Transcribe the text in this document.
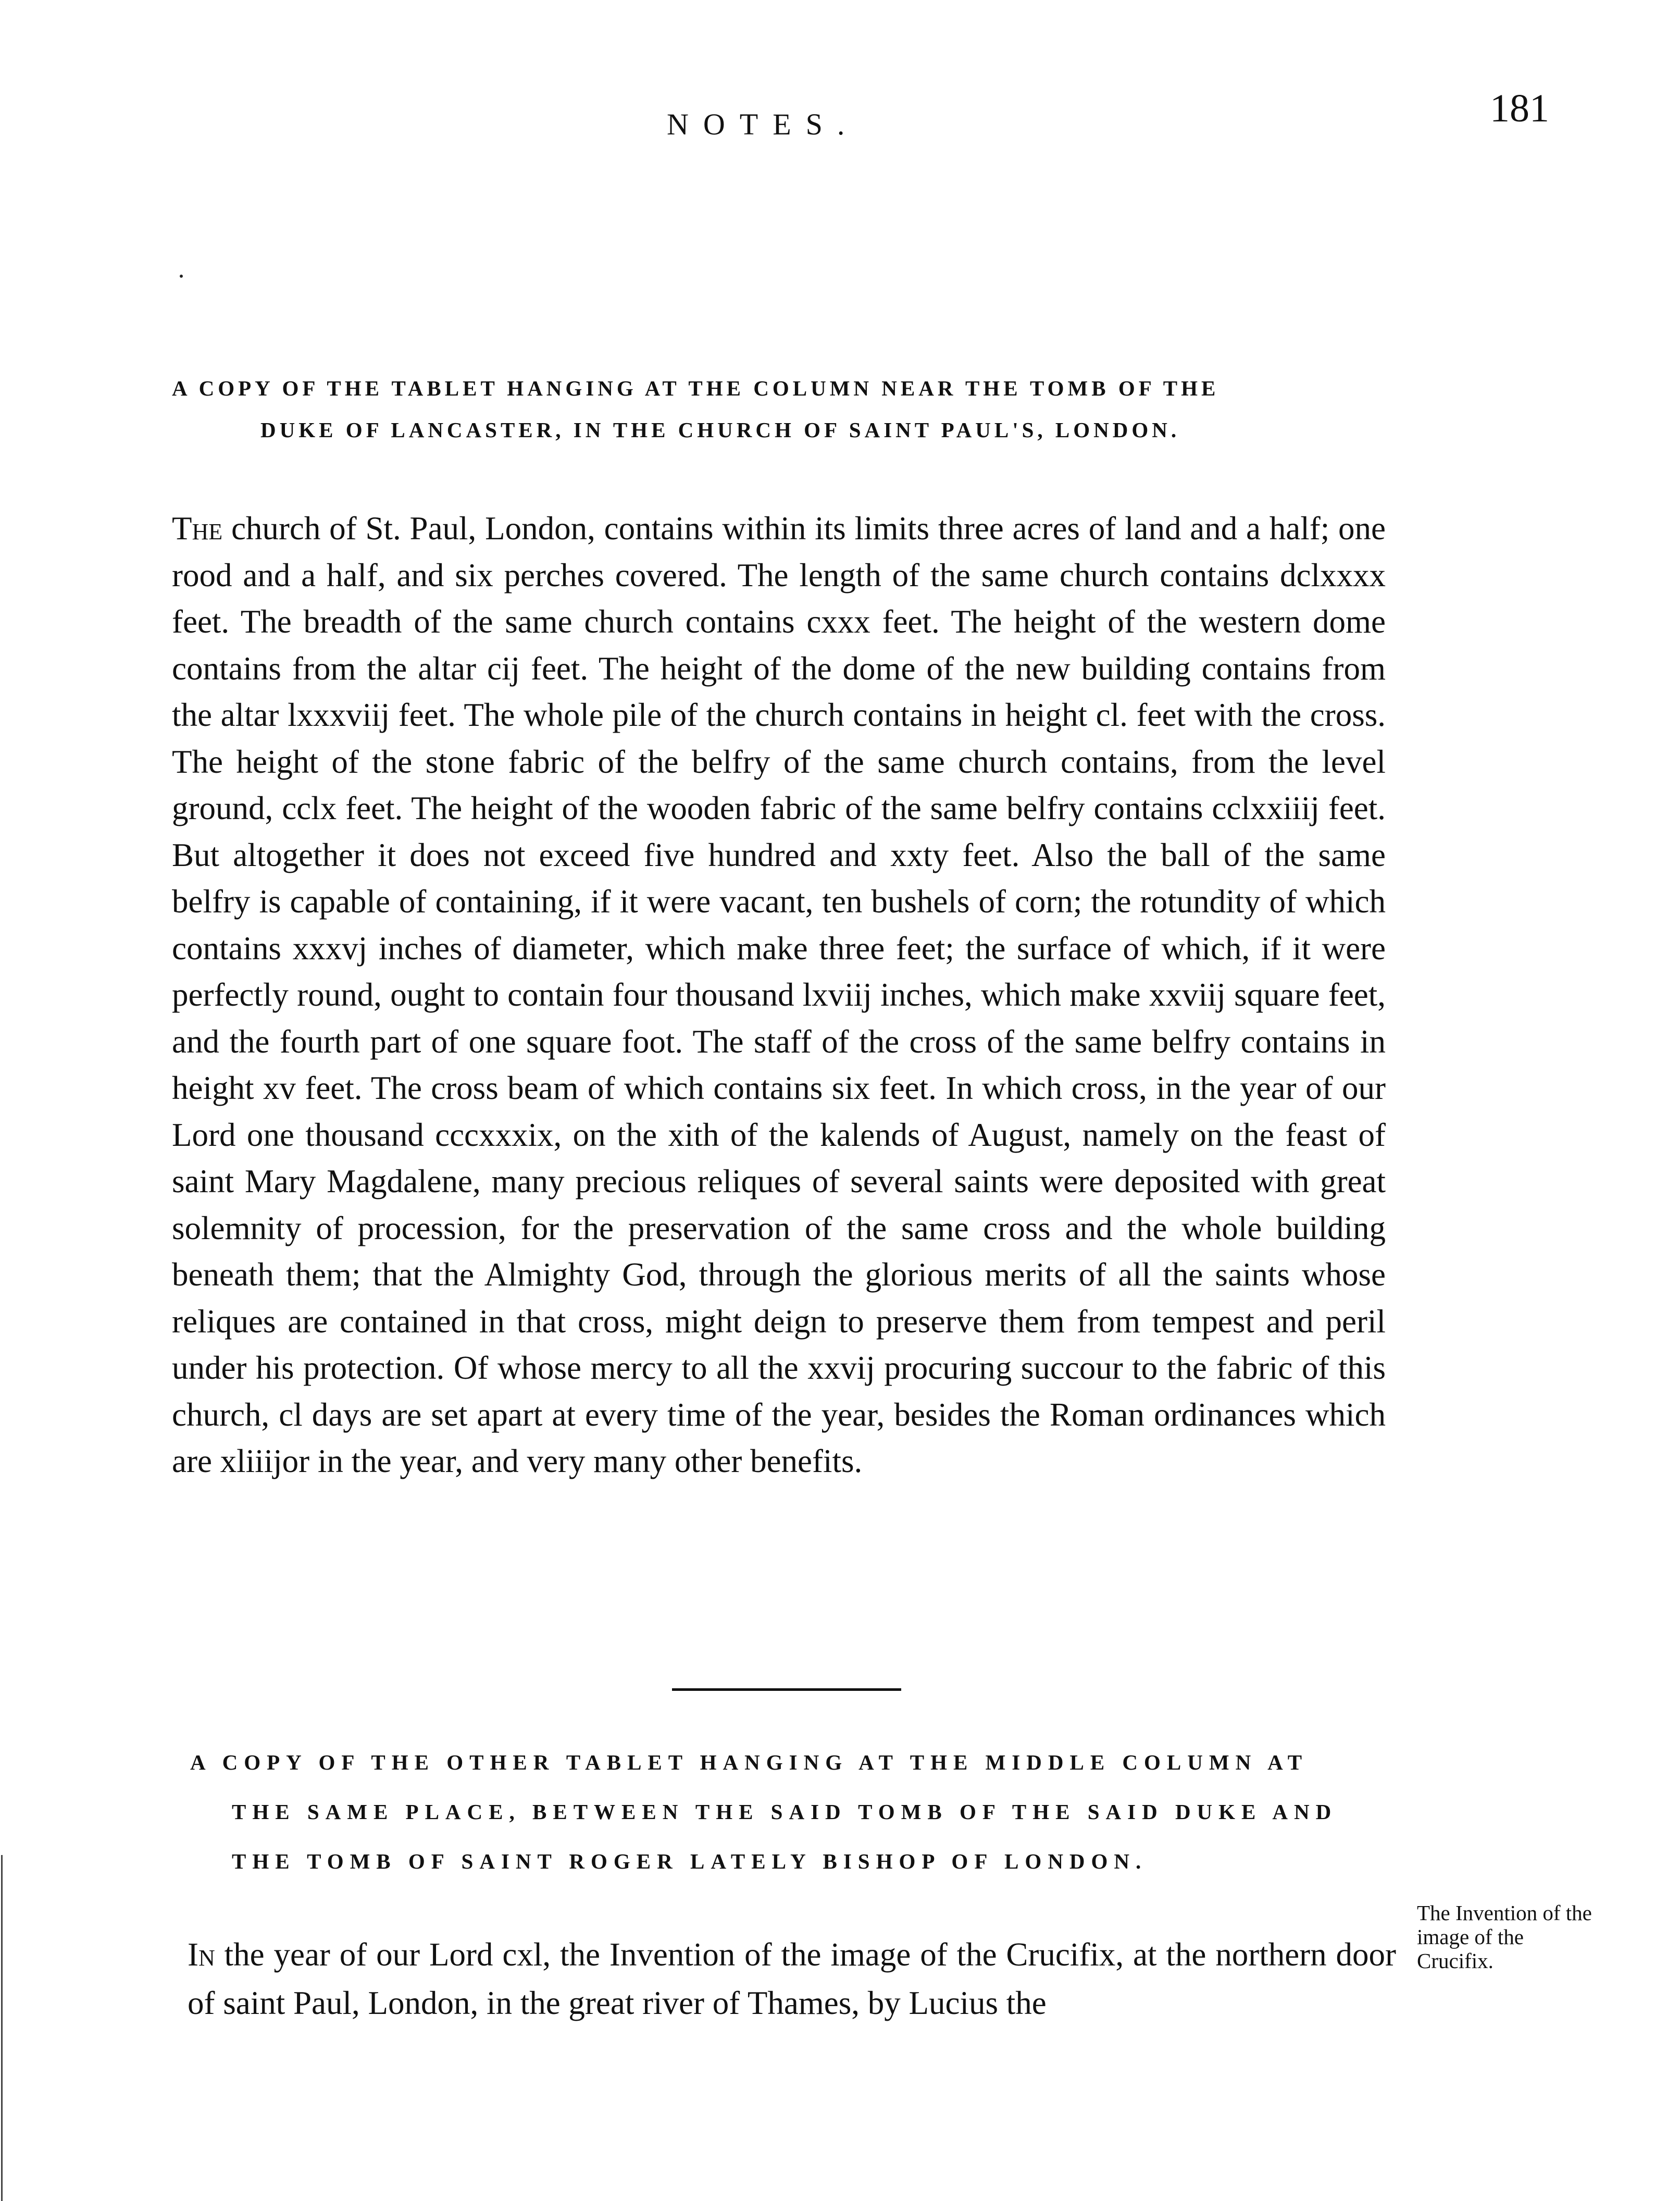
NOTES.	181
A COPY OF THE TABLET HANGING AT THE COLUMN NEAR THE TOMB OF THE
DUKE OF LANCASTER, IN THE CHURCH OF SAINT PAUL'S, LONDON.

The church of St. Paul, London, contains within its limits three acres of land and a half; one rood and a half, and six perches covered. The length of the same church contains dclxxxx feet. The breadth of the same church contains cxxx feet. The height of the western dome contains from the altar cij feet. The height of the dome of the new building contains from the altar lxxxviij feet. The whole pile of the church contains in height cl. feet with the cross. The height of the stone fabric of the belfry of the same church contains, from the level ground, cclx feet. The height of the wooden fabric of the same belfry contains cclxxiiij feet. But altogether it does not exceed five hundred and xxty feet. Also the ball of the same belfry is capable of containing, if it were vacant, ten bushels of corn; the rotundity of which contains xxxvj inches of diameter, which make three feet; the surface of which, if it were perfectly round, ought to contain four thousand lxviij inches, which make xxviij square feet, and the fourth part of one square foot. The staff of the cross of the same belfry contains in height xv feet. The cross beam of which contains six feet. In which cross, in the year of our Lord one thousand cccxxxix, on the xith of the kalends of August, namely on the feast of saint Mary Magdalene, many precious reliques of several saints were deposited with great solemnity of procession, for the preservation of the same cross and the whole building beneath them; that the Almighty God, through the glorious merits of all the saints whose reliques are contained in that cross, might deign to preserve them from tempest and peril under his protection. Of whose mercy to all the xxvij procuring succour to the fabric of this church, cl days are set apart at every time of the year, besides the Roman ordinances which are xliiijor in the year, and very many other benefits.

A COPY OF THE OTHER TABLET HANGING AT THE MIDDLE COLUMN AT
THE SAME PLACE, BETWEEN THE SAID TOMB OF THE SAID DUKE AND
THE TOMB OF SAINT ROGER LATELY BISHOP OF LONDON.

In the year of our Lord cxl, the Invention of the image of the Crucifix, at the northern door of saint Paul, London, in the great river of Thames, by Lucius the

The Invention of the image of the Crucifix.
